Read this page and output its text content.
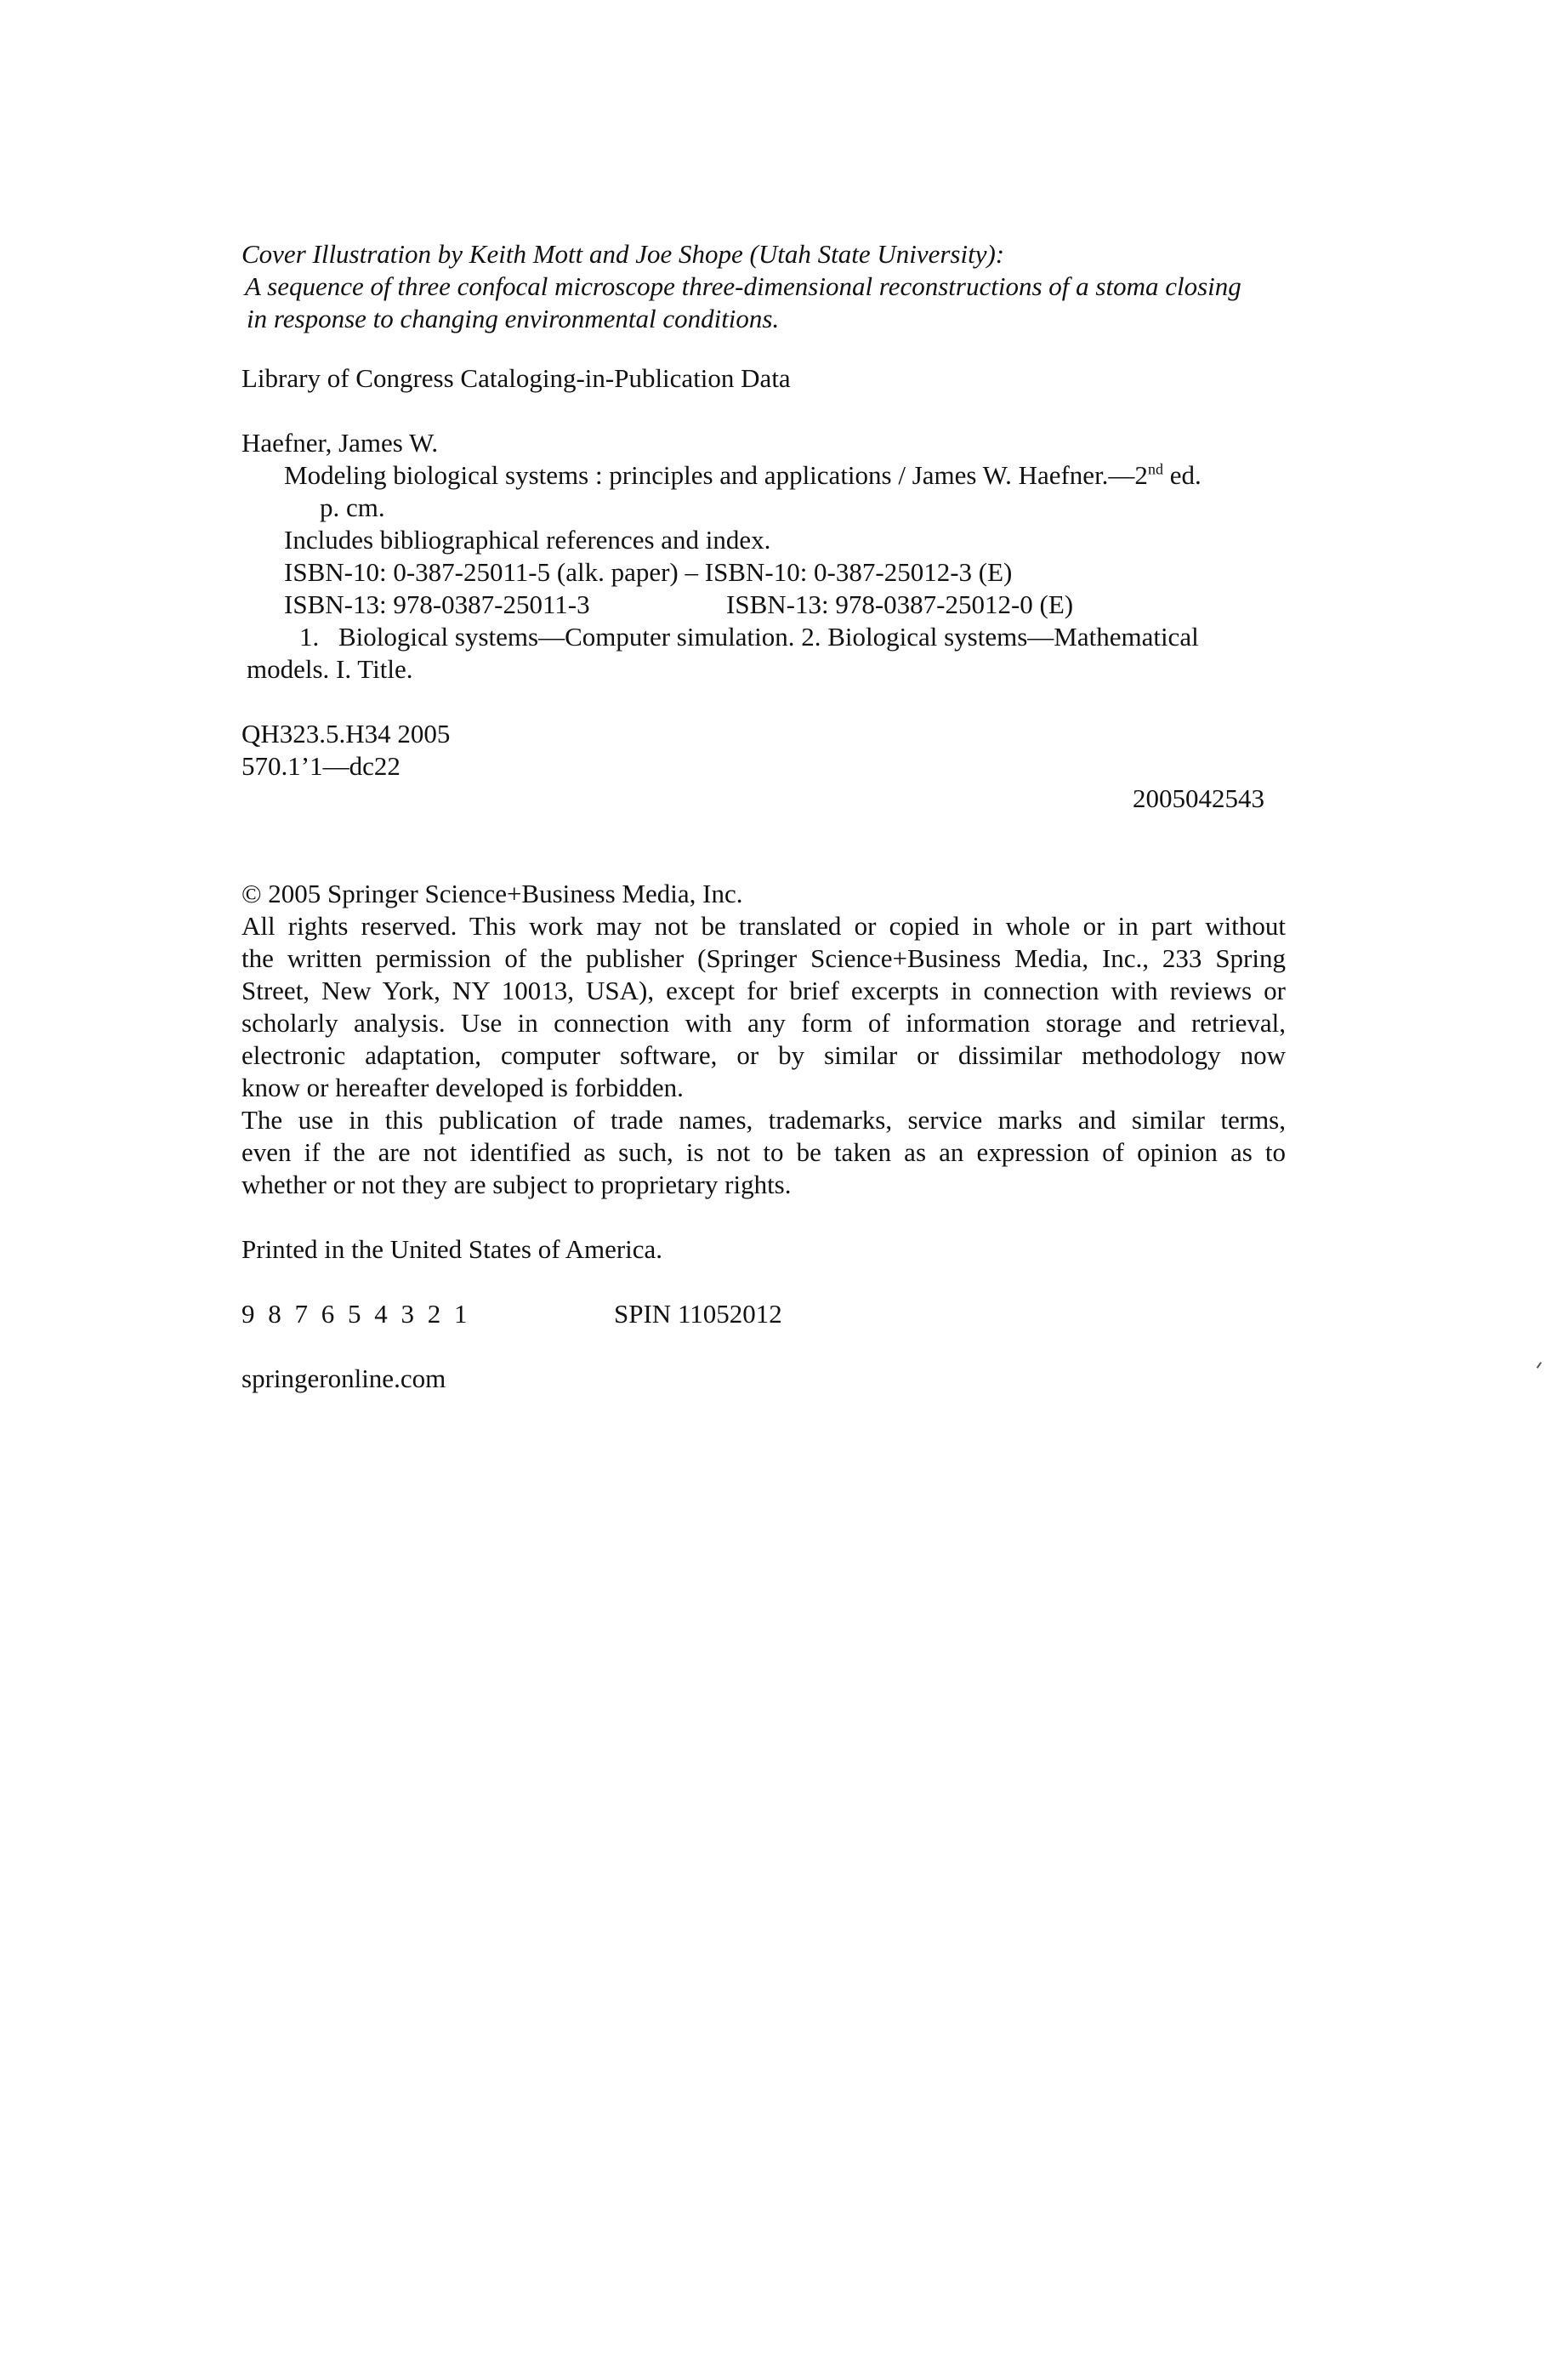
Cover Illustration by Keith Mott and Joe Shope (Utah State University):
A sequence of three confocal microscope three-dimensional reconstructions of a stoma closing
in response to changing environmental conditions.
Library of Congress Cataloging-in-Publication Data
Haefner, James W.
Modeling biological systems : principles and applications / James W. Haefner.—2nd ed.
p. cm.
Includes bibliographical references and index.
ISBN-10: 0-387-25011-5 (alk. paper) – ISBN-10: 0-387-25012-3 (E)
ISBN-13: 978-0387-25011-3	ISBN-13: 978-0387-25012-0 (E)
1. Biological systems—Computer simulation. 2. Biological systems—Mathematical
models. I. Title.
QH323.5.H34 2005
570.1’1—dc22
2005042543
© 2005 Springer Science+Business Media, Inc.
All rights reserved. This work may not be translated or copied in whole or in part without
the written permission of the publisher (Springer Science+Business Media, Inc., 233 Spring
Street, New York, NY 10013, USA), except for brief excerpts in connection with reviews or
scholarly analysis. Use in connection with any form of information storage and retrieval,
electronic adaptation, computer software, or by similar or dissimilar methodology now
know or hereafter developed is forbidden.
The use in this publication of trade names, trademarks, service marks and similar terms,
even if the are not identified as such, is not to be taken as an expression of opinion as to
whether or not they are subject to proprietary rights.
Printed in the United States of America.
9 8 7 6 5 4 3 2 1	SPIN 11052012
springeronline.com
